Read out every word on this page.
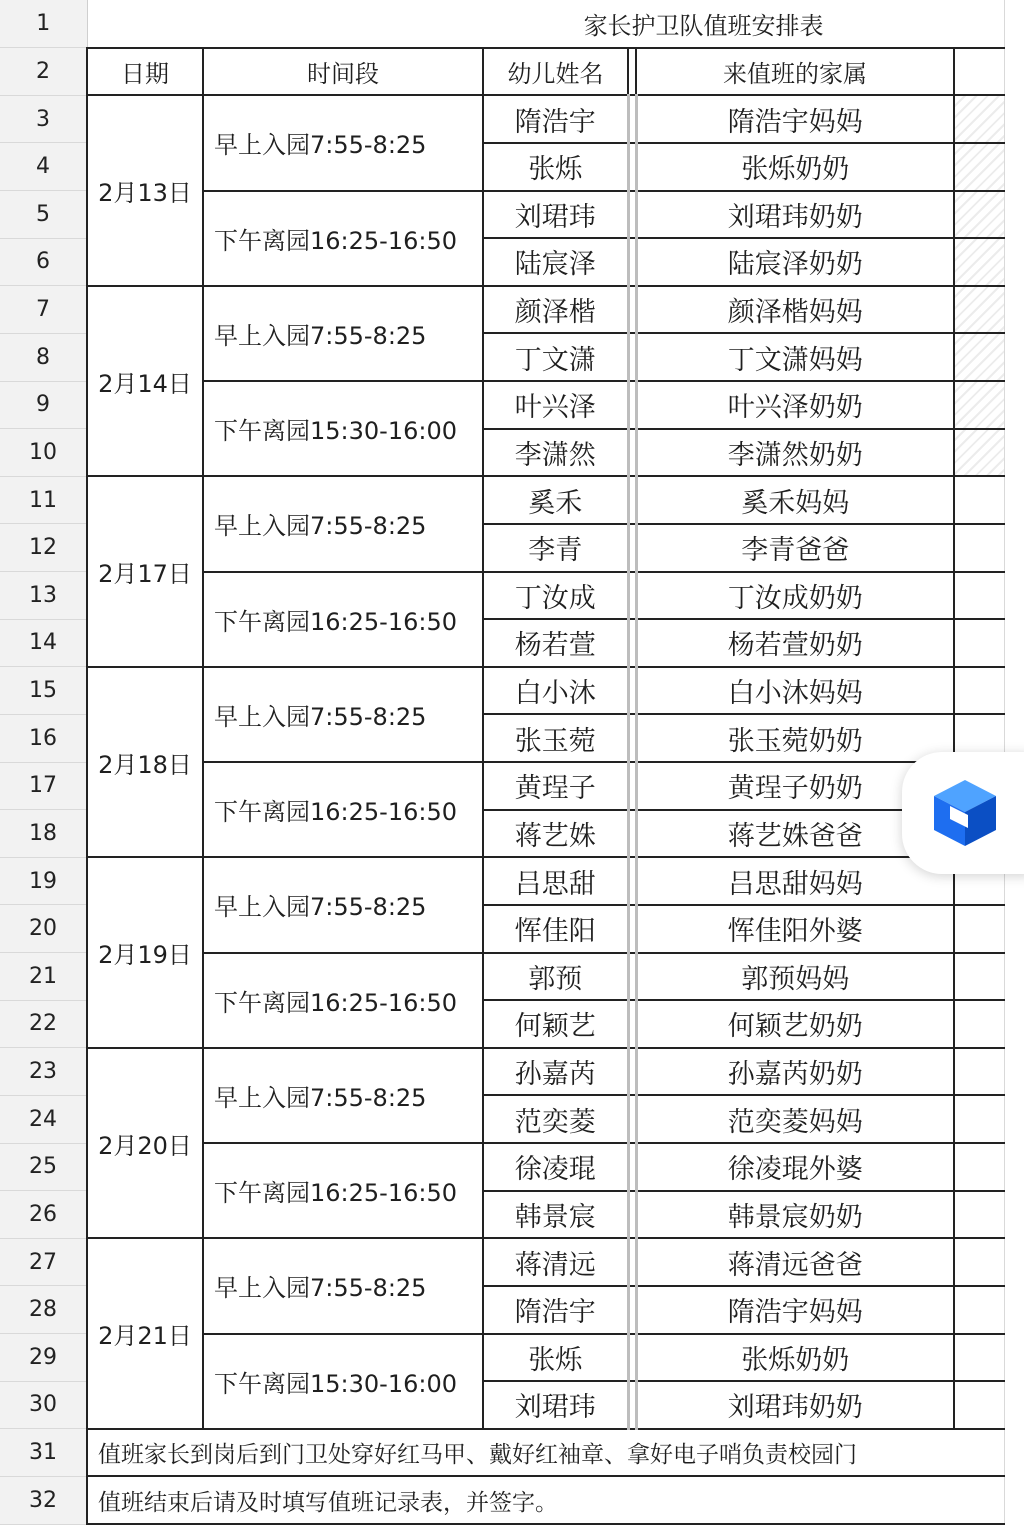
1	家长护卫队值班安排表					
2	日期	时间段	幼儿姓名		来值班的家属	
3	2月13日	早上入园7:55-8:25	隋浩宇		隋浩宇妈妈	
4			张烁		张烁奶奶	
5		下午离园16:25-16:50	刘珺玮		刘珺玮奶奶	
6			陆宸泽		陆宸泽奶奶	
7	2月14日	早上入园7:55-8:25	颜泽楷		颜泽楷妈妈	
8			丁文潇		丁文潇妈妈	
9		下午离园15:30-16:00	叶兴泽		叶兴泽奶奶	
10			李潇然		李潇然奶奶	
11	2月17日	早上入园7:55-8:25	奚禾		奚禾妈妈	
12			李青		李青爸爸	
13		下午离园16:25-16:50	丁汝成		丁汝成奶奶	
14			杨若萱		杨若萱奶奶	
15	2月18日	早上入园7:55-8:25	白小沐		白小沐妈妈	
16			张玉菀		张玉菀奶奶	
17		下午离园16:25-16:50	黄珵子		黄珵子奶奶	
18			蒋艺姝		蒋艺姝爸爸	
19	2月19日	早上入园7:55-8:25	吕思甜		吕思甜妈妈	
20			恽佳阳		恽佳阳外婆	
21		下午离园16:25-16:50	郭预		郭预妈妈	
22			何颖艺		何颖艺奶奶	
23	2月20日	早上入园7:55-8:25	孙嘉芮		孙嘉芮奶奶	
24			范奕菱		范奕菱妈妈	
25		下午离园16:25-16:50	徐凌琨		徐凌琨外婆	
26			韩景宸		韩景宸奶奶	
27	2月21日	早上入园7:55-8:25	蒋清远		蒋清远爸爸	
28			隋浩宇		隋浩宇妈妈	
29		下午离园15:30-16:00	张烁		张烁奶奶	
30			刘珺玮		刘珺玮奶奶	
31	值班家长到岗后到门卫处穿好红马甲、戴好红袖章、拿好电子哨负责校园门					
32	值班结束后请及时填写值班记录表，并签字。					
